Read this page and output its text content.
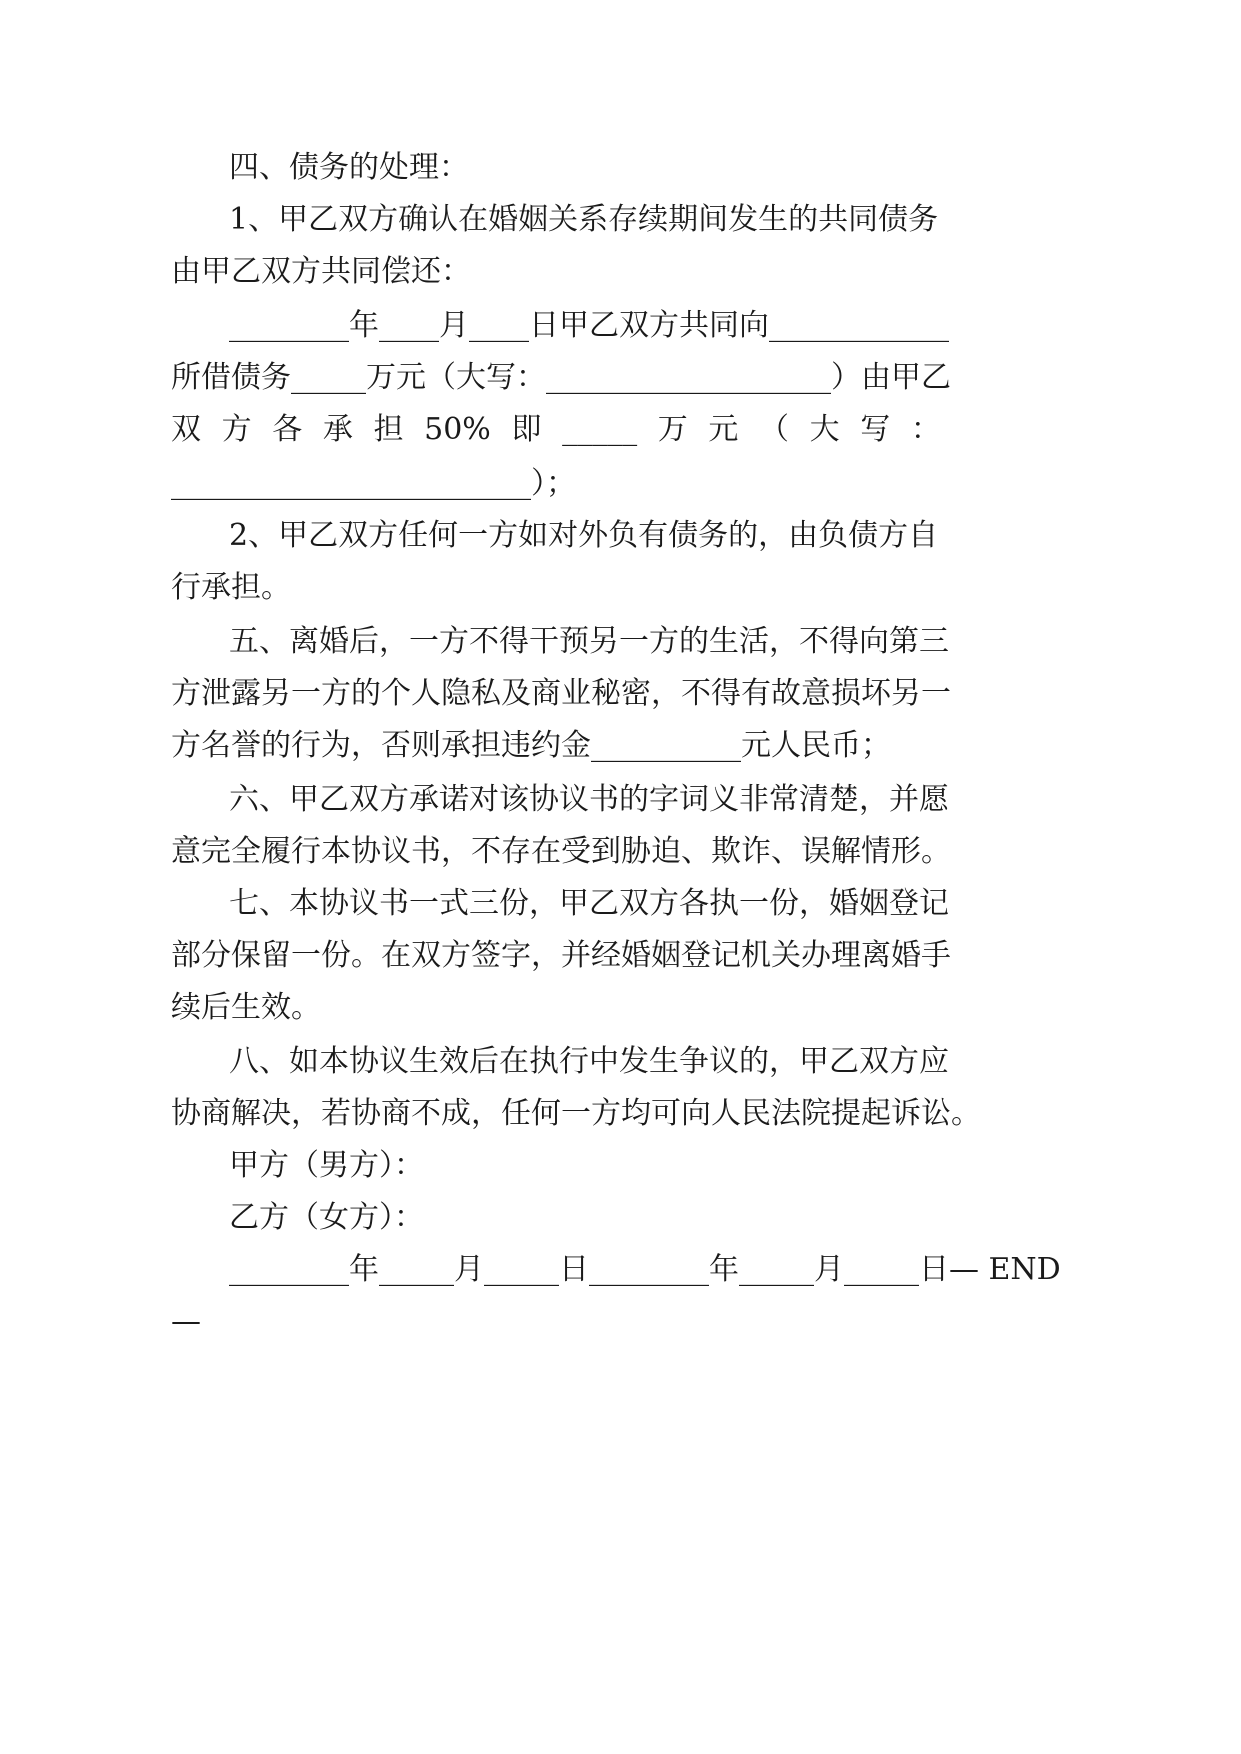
四、债务的处理：
1、甲乙双方确认在婚姻关系存续期间发生的共同债务
由甲乙双方共同偿还：
________年____月____日甲乙双方共同向____________
所借债务_____万元（大写：___________________）由甲乙
双 方 各 承 担 50% 即 _____ 万 元 （ 大 写 ：
________________________）；
2、甲乙双方任何一方如对外负有债务的，由负债方自
行承担。
五、离婚后，一方不得干预另一方的生活，不得向第三
方泄露另一方的个人隐私及商业秘密，不得有故意损坏另一
方名誉的行为，否则承担违约金__________元人民币；
六、甲乙双方承诺对该协议书的字词义非常清楚，并愿
意完全履行本协议书，不存在受到胁迫、欺诈、误解情形。
七、本协议书一式三份，甲乙双方各执一份，婚姻登记
部分保留一份。在双方签字，并经婚姻登记机关办理离婚手
续后生效。
八、如本协议生效后在执行中发生争议的，甲乙双方应
协商解决，若协商不成，任何一方均可向人民法院提起诉讼。
甲方（男方）：
乙方（女方）：
________年_____月_____日________年_____月_____日— END
—
